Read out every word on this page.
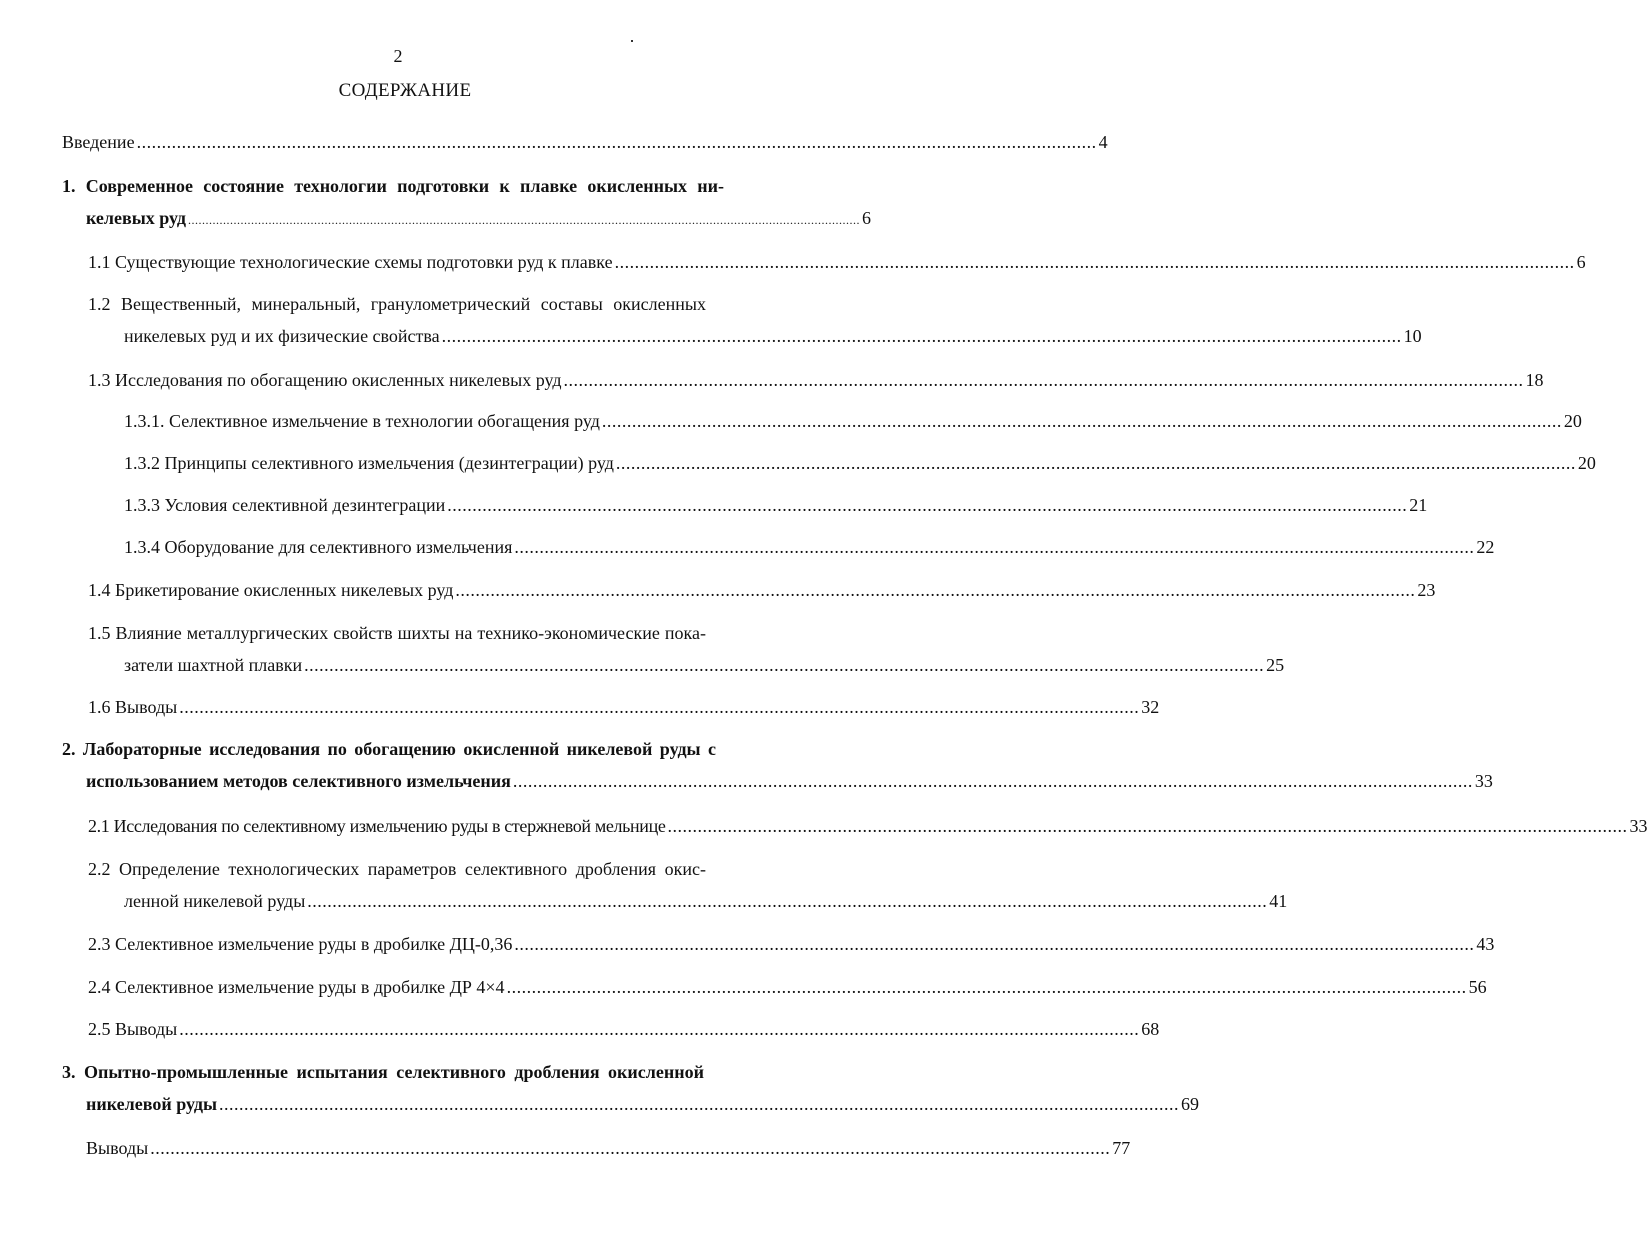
2
СОДЕРЖАНИЕ
Введение ................................................................................................................................................................................................ 4
1. Современное состояние технологии подготовки к плавке окисленных ни-
келевых руд ................................................................................................................................................................................................ 6
1.1 Существующие технологические схемы подготовки руд к плавке ................................................................................................................................................................................................ 6
1.2 Вещественный, минеральный, гранулометрический составы окисленных
никелевых руд и их физические свойства ................................................................................................................................................................................................ 10
1.3 Исследования по обогащению окисленных никелевых руд ................................................................................................................................................................................................ 18
1.3.1. Селективное измельчение в технологии обогащения руд ................................................................................................................................................................................................ 20
1.3.2 Принципы селективного измельчения (дезинтеграции) руд ................................................................................................................................................................................................ 20
1.3.3 Условия селективной дезинтеграции ................................................................................................................................................................................................ 21
1.3.4 Оборудование для селективного измельчения ................................................................................................................................................................................................ 22
1.4 Брикетирование окисленных никелевых руд ................................................................................................................................................................................................ 23
1.5 Влияние металлургических свойств шихты на технико-экономические пока-
затели шахтной плавки ................................................................................................................................................................................................ 25
1.6 Выводы ................................................................................................................................................................................................ 32
2. Лабораторные исследования по обогащению окисленной никелевой руды с
использованием методов селективного измельчения ................................................................................................................................................................................................ 33
2.1 Исследования по селективному измельчению руды в стержневой мельнице ................................................................................................................................................................................................ 33
2.2 Определение технологических параметров селективного дробления окис-
ленной никелевой руды ................................................................................................................................................................................................ 41
2.3 Селективное измельчение руды в дробилке ДЦ-0,36 ................................................................................................................................................................................................ 43
2.4 Селективное измельчение руды в дробилке ДР 4×4 ................................................................................................................................................................................................ 56
2.5 Выводы ................................................................................................................................................................................................ 68
3. Опытно-промышленные испытания селективного дробления окисленной
никелевой руды ................................................................................................................................................................................................ 69
Выводы ................................................................................................................................................................................................ 77
